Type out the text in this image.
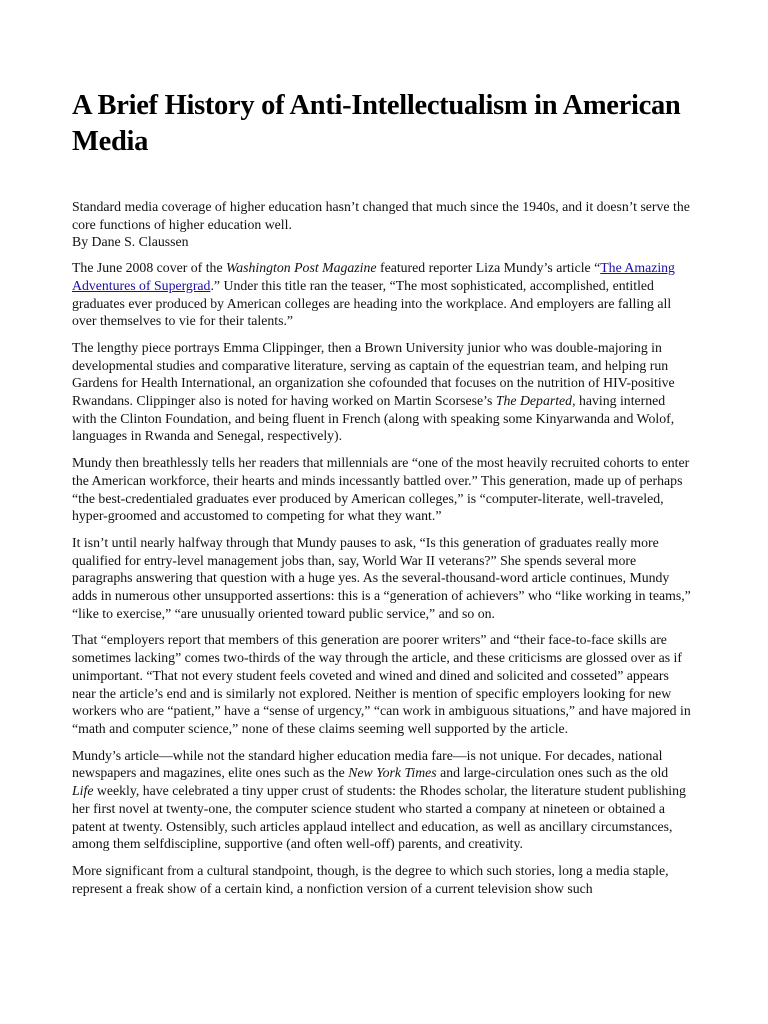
A Brief History of Anti-Intellectualism in American Media
Standard media coverage of higher education hasn’t changed that much since the 1940s, and it doesn’t serve the core functions of higher education well.
By Dane S. Claussen

The June 2008 cover of the Washington Post Magazine featured reporter Liza Mundy’s article “The Amazing Adventures of Supergrad.” Under this title ran the teaser, “The most sophisticated, accomplished, entitled graduates ever produced by American colleges are heading into the workplace. And employers are falling all over themselves to vie for their talents.”

The lengthy piece portrays Emma Clippinger, then a Brown University junior who was double-majoring in developmental studies and comparative literature, serving as captain of the equestrian team, and helping run Gardens for Health International, an organization she cofounded that focuses on the nutrition of HIV-positive Rwandans. Clippinger also is noted for having worked on Martin Scorsese’s The Departed, having interned with the Clinton Foundation, and being fluent in French (along with speaking some Kinyarwanda and Wolof, languages in Rwanda and Senegal, respectively).

Mundy then breathlessly tells her readers that millennials are “one of the most heavily recruited cohorts to enter the American workforce, their hearts and minds incessantly battled over.” This generation, made up of perhaps “the best-credentialed graduates ever produced by American colleges,” is “computer-literate, well-traveled, hyper-groomed and accustomed to competing for what they want.”

It isn’t until nearly halfway through that Mundy pauses to ask, “Is this generation of graduates really more qualified for entry-level management jobs than, say, World War II veterans?” She spends several more paragraphs answering that question with a huge yes. As the several-thousand-word article continues, Mundy adds in numerous other unsupported assertions: this is a “generation of achievers” who “like working in teams,” “like to exercise,” “are unusually oriented toward public service,” and so on.

That “employers report that members of this generation are poorer writers” and “their face-to-face skills are sometimes lacking” comes two-thirds of the way through the article, and these criticisms are glossed over as if unimportant. “That not every student feels coveted and wined and dined and solicited and cosseted” appears near the article’s end and is similarly not explored. Neither is mention of specific employers looking for new workers who are “patient,” have a “sense of urgency,” “can work in ambiguous situations,” and have majored in “math and computer science,” none of these claims seeming well supported by the article.

Mundy’s article—while not the standard higher education media fare—is not unique. For decades, national newspapers and magazines, elite ones such as the New York Times and large-circulation ones such as the old Life weekly, have celebrated a tiny upper crust of students: the Rhodes scholar, the literature student publishing her first novel at twenty-one, the computer science student who started a company at nineteen or obtained a patent at twenty. Ostensibly, such articles applaud intellect and education, as well as ancillary circumstances, among them selfdiscipline, supportive (and often well-off) parents, and creativity.

More significant from a cultural standpoint, though, is the degree to which such stories, long a media staple, represent a freak show of a certain kind, a nonfiction version of a current television show such
